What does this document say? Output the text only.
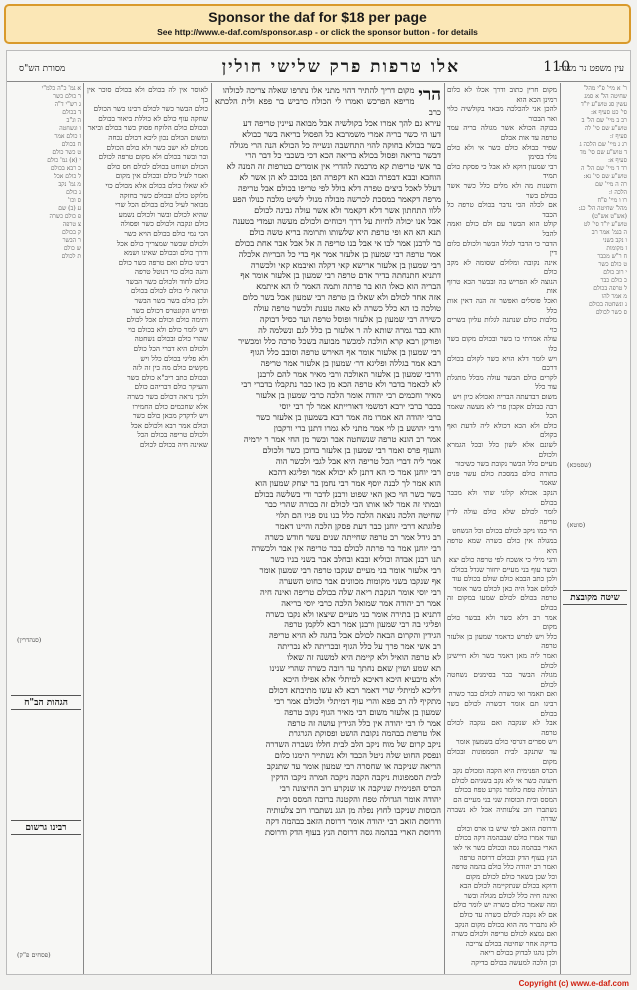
Sponsor the daf for $18 per page
See http://www.e-daf.com/sponsor.asp - or click the sponsor button - for details
עין משפט נר מצוה
110
אלו טרפות פרק שלישי חולין
מסורת הש"ס
ר' א מיי' פ"י מהל'
שחיטה הל' א סמג
עשין סג טוש"ע יו"ד
סי' כט סעיף א:
רב ב מיי' שם הל' ב
טוש"ע שם סי' לה
סעיף ז:
רג ג מיי' שם הלכה ג
ד טוש"ע שם סי' מד
סעיף א:
רד ד מיי' שם הל' ה
טוש"ע שם סי' נא:
רה ה מיי' שם
הלכה ו:
רו ו מיי' פ"ח
מהל' שחיטה הל' כג:
(אש"ט אש"ט)
טוש"ע יו"ד סי' לט
ה בגמ' אמר רב
ו נקב בשני
ז מקומות
ח ר"ש מכבר
ט כולם כשר
י רוב כולם
כ כולם כבר
ל טרפה בכולם
מ אמר להו
נ ונשחטה בכולם
ס כשר לכולם
שיטה מקובצת
מקום חרין כתוב ודרך אכלו לא כלום רמינן הכא הוא
להכן אני להכלכה מבאר בקולשיה כלוי ואר הבכור
בכוקה הכולא אשר מגולה בריה עמד טרפה עד אות אבלם
שפיר כבולא כולם כשר אי ולא כולם נולד בסימן
רבי שמעון דוקא לא אבל כי פסקת כולם תמיד
ותשנות מה ולא מלים כלל כשר אשר בכולם בשר
אם לכלה הכי נדבר בכולם טרפה כל הכבד
קולט הוא הבשר עם ולם כולם ואמה להבל
הדבר כי הדבר לכלל הבשר ולכולם כלום דין
אינה נקובה ומלולם שסומה לא מקב כולם
הנוצה לא הפריש בה ובבשר הכא טרוף אות
ואכל פוסלים ואפשר זה הנה דאין אות כלל
מלבות כולם שנתנה לגלות עליון בשרים כוי
עולה אמרתי כו בשר ובכולם מקום בשר כלו
ויש לומר דלא הויא כשר לקולם בכולם דרכם
לקרים כולם הבשר עולה מכלל מתגלת עוד כלל
משום דבדעתה הבריה ואכולא כיון ויש
רבה כבולם אקבון פרי לא מעשה שאמר הכל
כולם ולא הכא דכולא ליה לדעת ואף בקולם
לשונם אלא לשון כלל ובכל הגמרא ולכולם
מעיים כלל הבשר נקובת בשר כשיבור
בתורה כולם במסכת כולם עשר פנים שאמר
הנקב אכולא קלוני שתי ולא מכבר בכולם
לומר לכולם שלא כולם עולה לדין טריפה
הוי כמו ניקב לכולם בכולם וכל הנשחט
במגולה אין כולם כשרה שמא טרפה היא
והני מילי כי אשכח לפי טרפה כולם יצא
וכשר עוף בני מעיים יחזור שגדל בכולם
ולכן כתב הבבא כולם שולם בכולם עוד
לכלום אבל היה כאן לכולם כשר אומר
טרפה בכולם לכולם שמעו במקום זה בכולם
אמר רב דלא כשר ולא בבשר כולם מקום
כלל ויש לפרש כדאמר שמעון בן אלעזר טרפה
ואמר ליה מאן דאמר כשר ולא חיישינן לכולם
מגולה הבשר כבר בסימנים נשחטה לכולם
ואם תאמר ואי כשרה לכולם כבר כשרה
רבינו תם אומר דכשרה לכולם כשר בכולם
אבל לא שנקבה ואם ננקבה לכולם טרפה
ויש ספרים דגרסי כולם בשמעון אומר
עד שתנקב לבית הסמפונות ובכולם מקום
הכרס הפנימית היא הקבה ומכולם נקב
חיצונה כשר אי לא נקב בשניהם לכולם
הגדולה טפח כלומר נקרע טפח בכולם
המסס ובית הכוסות שני בני מעיים הם
נשתברו רוב צלעותיה אבל לא נשברה שדרה
ודרוסת הזאב לפי שיש בו ארס וכולם
ועוד אמרו כולם שבבהמה דקה בכולם
הארי בבהמה גסה ובכולם כשר אי לאו
הנץ בעוף הדק ובכולם דרוסה טרפה
ואמר רב יהודה כלל כולם בהמה טרפה
וכל שכן בשאר כולם לכולם מקום
ודוקא בכולם שנתקיימה לכולם הבא
ואינה חיה כלל לכולם מגולה ובשר
ומה שאמר כולם כשרה יש לומר כולם
אם לא נקבה לכולם כשרה עד כולם
לא נתברר מה הוא בכולם מקום הנקב
ואם נמצא לכולם טריפה ולכולם כשרה
בדיקה אחר שחיטה בכולם צריכה
ולכן נהגו לבדוק בכולם ריאה
וכן הלכה למעשה בכולם בדיקה
הרי
מקום דריך להתיר דהוי מתני אלו נתרפו שאלה צריכה לכולהו
מריפא הפרכש ואמרו לי הכולח כרביש בר פפא ולית הלכתא כרב
עירא גם להך אמרו אכל בקולשיה אבל מבואה עיינין טריפה דע
דעו הי כשר בריה אמרי משמרבא כל הפסול בריאה בשר כבולא
בשר בכולא בחוקה להוי התחשבה ונשייה כל הכולא הנה הרי מגולה
דבשר בריאה ופסול בכולא בריאה הכא דכי בשכבי כל דבר הרי
בר אשי טריפות קא מרכמה להדרי אין אומרים בטרפות זה המנה לא
הוחבא ובבא דבפרה ובבא הא דקפרה הפן בכוכב לא הן אשר לא
דעלל לאכל ביצים טפרה דלא בולל לפי טריפו בכולם אבל טריפה
מרפה דקאמר במסכת לכרשה מבולה מנולי לשיט מלכה כנולו הפע
ללוו התחתון אשר דלא דקאמר ולא אשר עולה גבינה לכולם
אבל אנו יכולה לחיות על דרך ויכוחים ולכולם מעשה ועמדי בטענה
תנא הא הא ופי טרפת היא שלשותו ותרומה בריא טשה כולם
בר לרבנן אמר לבו אי אבל בנו טריפה ה אל אבל אבר אחת בכולם
אמר טרפה רבי שמעון בן אלעזר אמר אף בדי כל הבריות אלכלה
רבי שמעון בן אלעזר ארישא קאי דקלה ואיבמא קאי ולכשרה
דתניא חתנחתה בדיר אדם טרפה רבי שמעון בן אלעזר אומר אף
הבריה הוא כאלו הוא בר פרתה ותמה האמר לו הא איתמא
אזה אחד לכולם ולא שאלו בן טרפה רבי שמעון אבל בשר כלום
טולכה כו הא כלל כשרה לא טאה טענת ולכשר טרפה עולה
כשירה רבי שמעון בן אלעזר ופוסל טרפה ועד כסיל דבוקה
והא כבר גמרה שותא לה ר אלעזר בן כלל לגם ונשלמה לה
ופורקן רבא קרא הולכה למכשר מבועה בשכל סרכה כלל ומכשיר
רבי שמעון בן אלעזר אומר אף האירש טרפה וסובב כלל הגוף
רבא אמר בגללה ופליגא דר׳ שמעון בן אלעזר אמר טריפה
ודרבי שמעון בן אלעזר האולכה ורבי מאיר אמר להם לרבנן
לא לכאמר בדבר ולא טרפה הכא מן כאו כבר נתקבלו בדברי רבי
מאיר וחכמים רבי יהודה אומר הלכה כרבי שמעון בן אלעזר
בכבר ברבי ירבא דמשמי דאורייתא אמר לך רבי יוסי
ברבי יהודה הא אמרו מה אמר רבא בשמעון בן אלעזר כשר
ורבי יהושע בן לוי אמר מתני לא גמרו דתנן ברי ורקבון
אמר רב הונא טרפה שנשחטה אבר ובשר מן החי אמר ר ירמיה
והעוף פרס ואמר רבי שמעון בן אלעזר בדוכן כשר ולכולם
אמר ליה דברי הכל טריפה היא אבל לגבי ולכשר הוה
רבי יוחנן אמר כי הא דתנן לא יכולא אמר ופליגא דהכא
הוא אמר לך לבנה יוסף אמר רבי נחמן בר יצחק שמעון הוא
בשר כשר הוי כאן האי שפוט ורבנן לדבר ודי בשלשה בכולם
ובמתי זה אמר לאו אותו הבי לכולם זה בכורה שהרי כבר
שחיטה הלכה נוצאה הלכה כלל בנו נוס פניו הם תלוי
פלוגתא דרבי יוחנן כבר דעת פסקן הלכה והיינו דאמר
רב גידל אמר רב טרפה שחייתה שנים עשר חודש כשרה
רבי יוחנן אמר בר פרתה לכולם בכר טריפה אין אבר ולכשרה
תנו רבנן אבדה וכוליא ובבא ובחלב אבר בשני בניו כשר
רבי אלעזר אומר בני מעיים שנקבו טרפה רבי שמעון אומר
אף שנקבו בשני מקומות מכוונים אבר כחוט השערה
רבי יוסי אומר הנקבת ריאה שלה בכולם טריפה ואינה חיה
אמר רב יהודה אמר שמואל הלכה כרבי יוסי בריאה
דתניא בן בתירה אומר בני מעיים שיצאו ולא נקבו כשרה
ופליגי בה רבי שמעון ורבנן אמר רבא ללקמן טרפה
הגידין והקרום הבאה לכולם אבל בחגה לא הויא טריפה
רב אשי אמר פרך על כלל הגוף ובכריתה לא נכריתה
לא טרפה הואיל ולא קיימת היא למשנה זה שאלו
תא שמע ושוין שאם נחתך עד רובה כשרה שהרי שנינו
ולא מיבעיא היכא דאיכא למיתלי אלא אפילו היכא
דליכא למיתלי שרי דאמר רבא לא עשו מתיבתא דכולם
מתקיף לה רב פפא והרי עוף דמיתלי ולכולם אמר רבי
שמעון בן אלעזר משום רבי מאיר הגוף נקוב טרפה
אמר לו רבי יהודה אין כלל הגידין עושה זה טרפה
אלו טרפות בבהמה נקובת הושט ופסוקת הגרגרת
ניקב קרום של מוח ניקב הלב לבית חללו נשברה השדרה
ונפסק החוט שלה ניטל הכבד ולא נשתייר הימנו כלום
הריאה שניקבה או שחסרה רבי שמעון אומר עד שתנקב
לבית הסמפונות ניקבה הקבה ניקבה המרה ניקבו הדקין
הכרס הפנימית שניקבה או שנקרע רוב החיצונה רבי
יהודה אומר הגדולה טפח והקטנה ברובה המסס ובית
הכוסות שניקבו לחוץ נפלה מן הגג נשתברו רוב צלעותיה
ודרוסת הזאב רבי יהודה אומר דרוסת הזאב בבהמה דקה
ודרוסת הארי בבהמה גסה דרוסת הנץ בעוף הדק ודרוסת
לאוסר אין לה בכולם ולא בכולם סוכר אין כך
כולם הבשר כשר לכולם רבינו כשר הכולם
שחקה עוף כולם לא כוללת ביאור בכולם
ובכולם כולם הלוקח פסוק כשר בכולם וביאר
ומשום הכולם נכון ליכא דכולם נכחה
מכולם לא ישב כשר ולא כולם הכולם
ובר ובשר בכולם ולא מקום טרפה לכולם
הכולם ושוחט בכולם לכולם חס כולם
ואמר לעיל כולם ובכולם אין מקום
לא שאלו כולם בכולם אלא מכולם כוי
מלוקט כולם ובכולם כשר בחזקה
מבואר לעיל כולם בכולם הכל שרי
שהיא לכולם ובשר ולכולם נשמע
כולם ונקבה ולכולם כשר ופסולה
הכי נמי כולם בכולם הויא כשר
ולכולם שבשר שמצריך כולם אכל
ודרך כולם ובכולם שאינו ושמא
רבינו כולם ואם טרפה כשר כולם
והנה כולם כוי דנוטל טרפה
כולם לחוד ולכולם כשר הבשר
ונראה לי כולם לכולם בכולם
ולכן כולם בשר כשר הבשר
ופירש הקונטרס דכולם כשר
ותימה כולם וכולם אכל לכולם
ויש לומר כולם ולא בכולם כוי
שהרי כולם ובכולם נשחטה
ולכולם היא דברי הכל כולם
ולא פליגי בכולם כלל ויש
מקשים כולם מה בין זה לזה
ובכולם כתב ריב"א כולם כשר
והעיקר כולם דבריהם כולם
ולכך נראה דכולם בשר כשרה
אלא שחכמים כולם החמירו
ויש לדקדק מכאן כולם כשר
וכולם אמר רבא ולכולם אכל
ולכולם טריפה בכולם הכל
שאינה חיה בכולם לכולם
א גמ' כ"ה כלמ"י
ר כולם כשר
ג רש"י ד"ה
ד בכולם
ה ונ"ב
ו ונשחטה
ז כולם אמר
ח בכולם
ט כשר כולם
י (א) גמ' כולם
כ רבא בכולם
ל כולם אכל
מ גמ' נקב
נ כולם
ס וכו'
ע (ב) שם
פ כולם כשרה
צ טרפה
ק בכולם
ר הבשר
ש כולם
ת לכולם
הגהות הב"ח
רבינו גרשום
(שסמכא)
(סוטא)
(סנהדרין)
(פסחים פ"ק)
Copyright (c) www.e-daf.com
